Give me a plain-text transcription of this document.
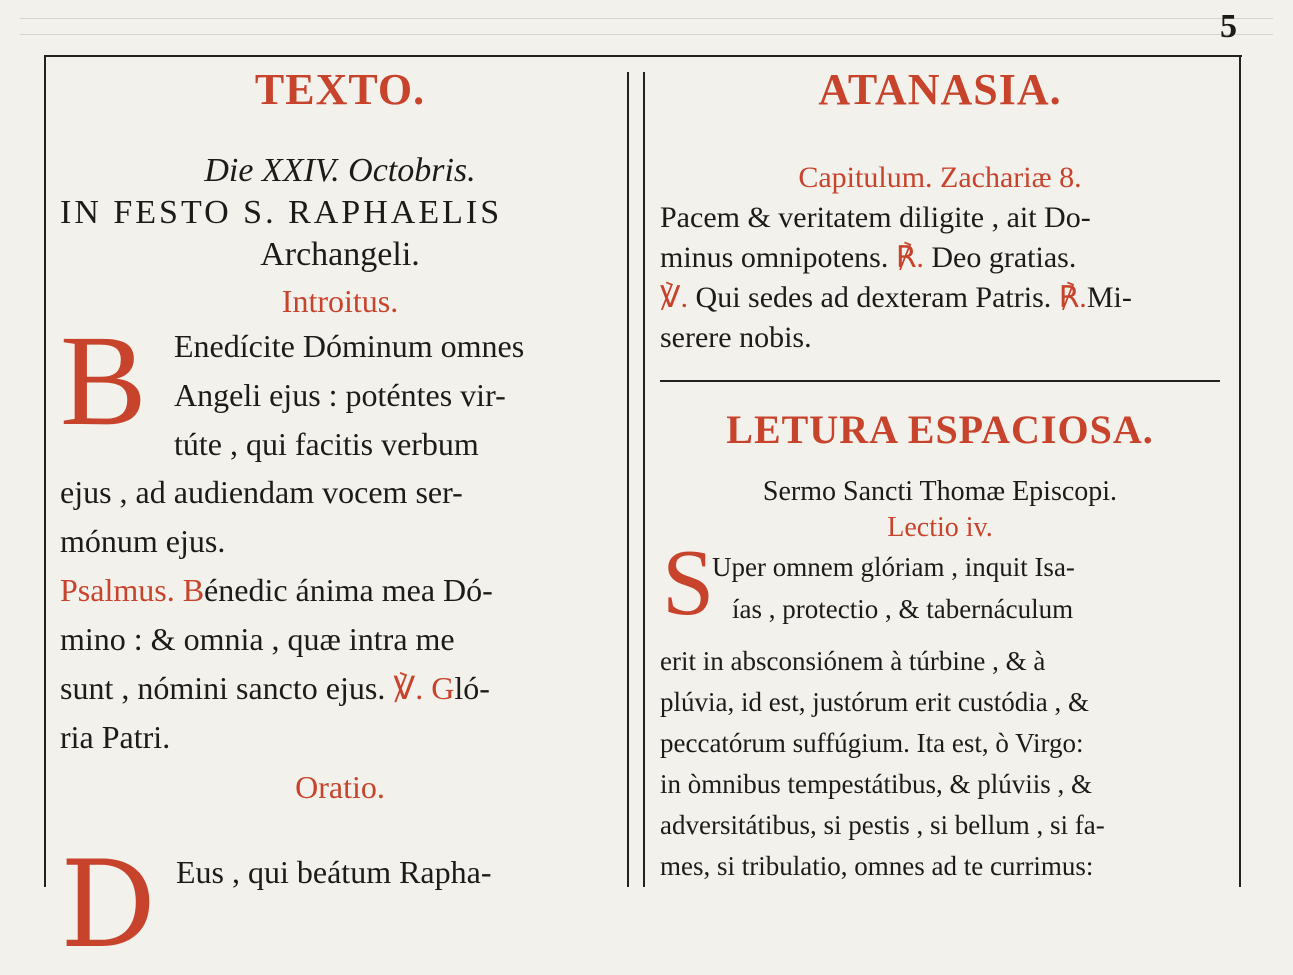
5
TEXTO.

Die XXIV. Octobris.

IN FESTO S. RAPHAELIS

Archangeli.

Introitus.

B Enedícite Dóminum omnes
Angeli ejus : poténtes vir-
túte , qui facitis verbum

ejus , ad audiendam vocem ser-

mónum ejus.

Psalmus. Bénedic ánima mea Dó-

mino : & omnia , quæ intra me

sunt , nómini sancto ejus. ℣. Gló-

ria Patri.

Oratio.

D Eus , qui beátum Rapha-
ATANASIA.

Capitulum. Zachariæ 8.

Pacem & veritatem diligite , ait Do-

minus omnipotens. ℟. Deo gratias.

℣. Qui sedes ad dexteram Patris. ℟.Mi-

serere nobis.

LETURA ESPACIOSA.

Sermo Sancti Thomæ Episcopi.

Lectio iv.

S
Uper omnem glóriam , inquit Isa-
ías , protectio , & tabernáculum

erit in absconsiónem à túrbine , & à

plúvia, id est, justórum erit custódia , &

peccatórum suffúgium. Ita est, ò Virgo:

in òmnibus tempestátibus, & plúviis , &

adversitátibus, si pestis , si bellum , si fa-

mes, si tribulatio, omnes ad te currimus:
